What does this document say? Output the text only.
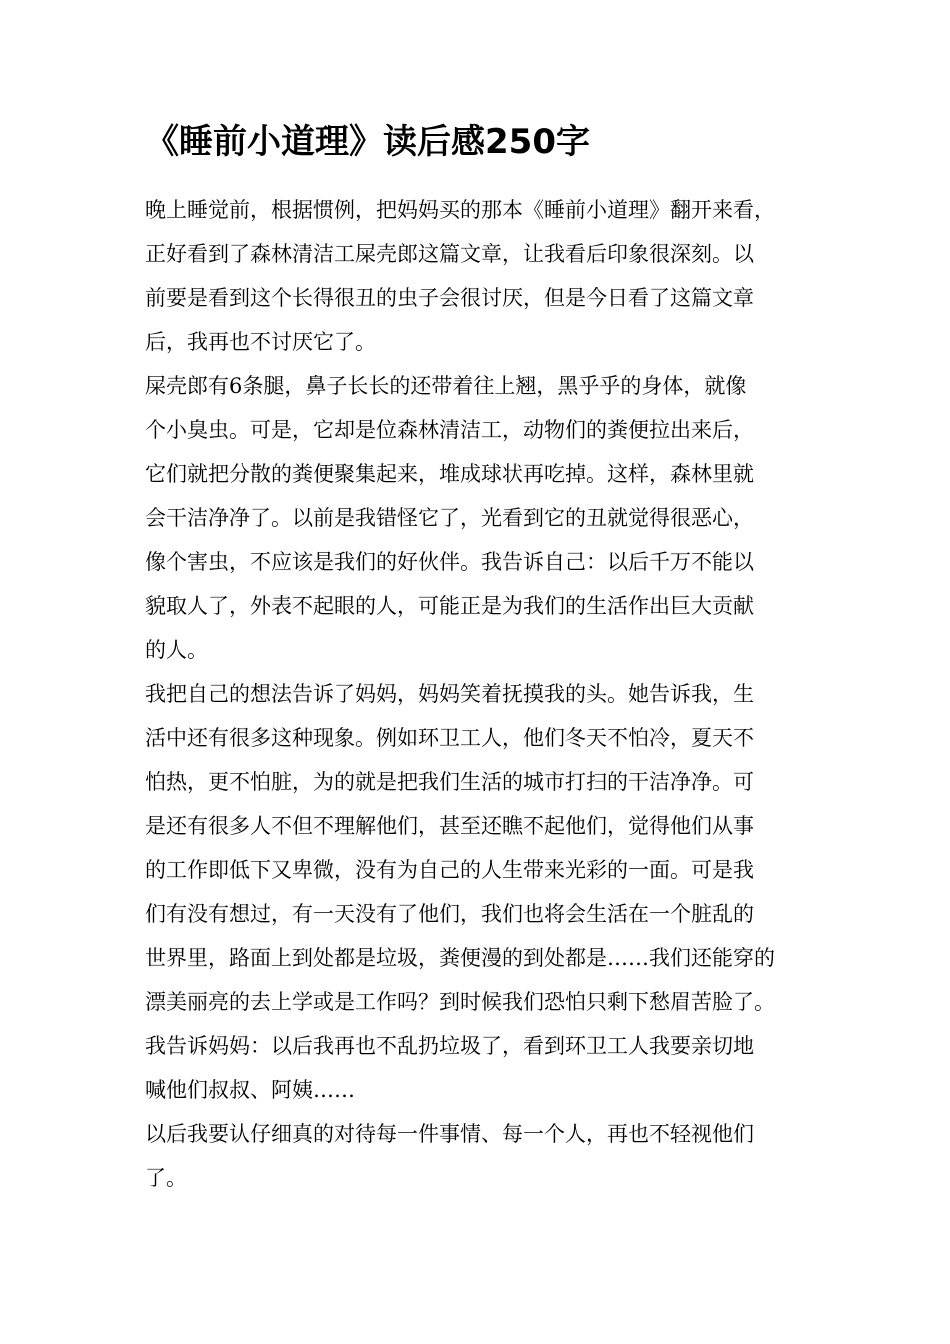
《睡前小道理》读后感250字

晚上睡觉前，根据惯例，把妈妈买的那本《睡前小道理》翻开来看，
正好看到了森林清洁工屎壳郎这篇文章，让我看后印象很深刻。以
前要是看到这个长得很丑的虫子会很讨厌，但是今日看了这篇文章
后，我再也不讨厌它了。

屎壳郎有6条腿，鼻子长长的还带着往上翘，黑乎乎的身体，就像
个小臭虫。可是，它却是位森林清洁工，动物们的粪便拉出来后，
它们就把分散的粪便聚集起来，堆成球状再吃掉。这样，森林里就
会干洁净净了。以前是我错怪它了，光看到它的丑就觉得很恶心，
像个害虫，不应该是我们的好伙伴。我告诉自己：以后千万不能以
貌取人了，外表不起眼的人，可能正是为我们的生活作出巨大贡献
的人。

我把自己的想法告诉了妈妈，妈妈笑着抚摸我的头。她告诉我，生
活中还有很多这种现象。例如环卫工人，他们冬天不怕冷，夏天不
怕热，更不怕脏，为的就是把我们生活的城市打扫的干洁净净。可
是还有很多人不但不理解他们，甚至还瞧不起他们，觉得他们从事
的工作即低下又卑微，没有为自己的人生带来光彩的一面。可是我
们有没有想过，有一天没有了他们，我们也将会生活在一个脏乱的
世界里，路面上到处都是垃圾，粪便漫的到处都是……我们还能穿的
漂美丽亮的去上学或是工作吗？到时候我们恐怕只剩下愁眉苦脸了。
我告诉妈妈：以后我再也不乱扔垃圾了，看到环卫工人我要亲切地
喊他们叔叔、阿姨……

以后我要认仔细真的对待每一件事情、每一个人，再也不轻视他们
了。
